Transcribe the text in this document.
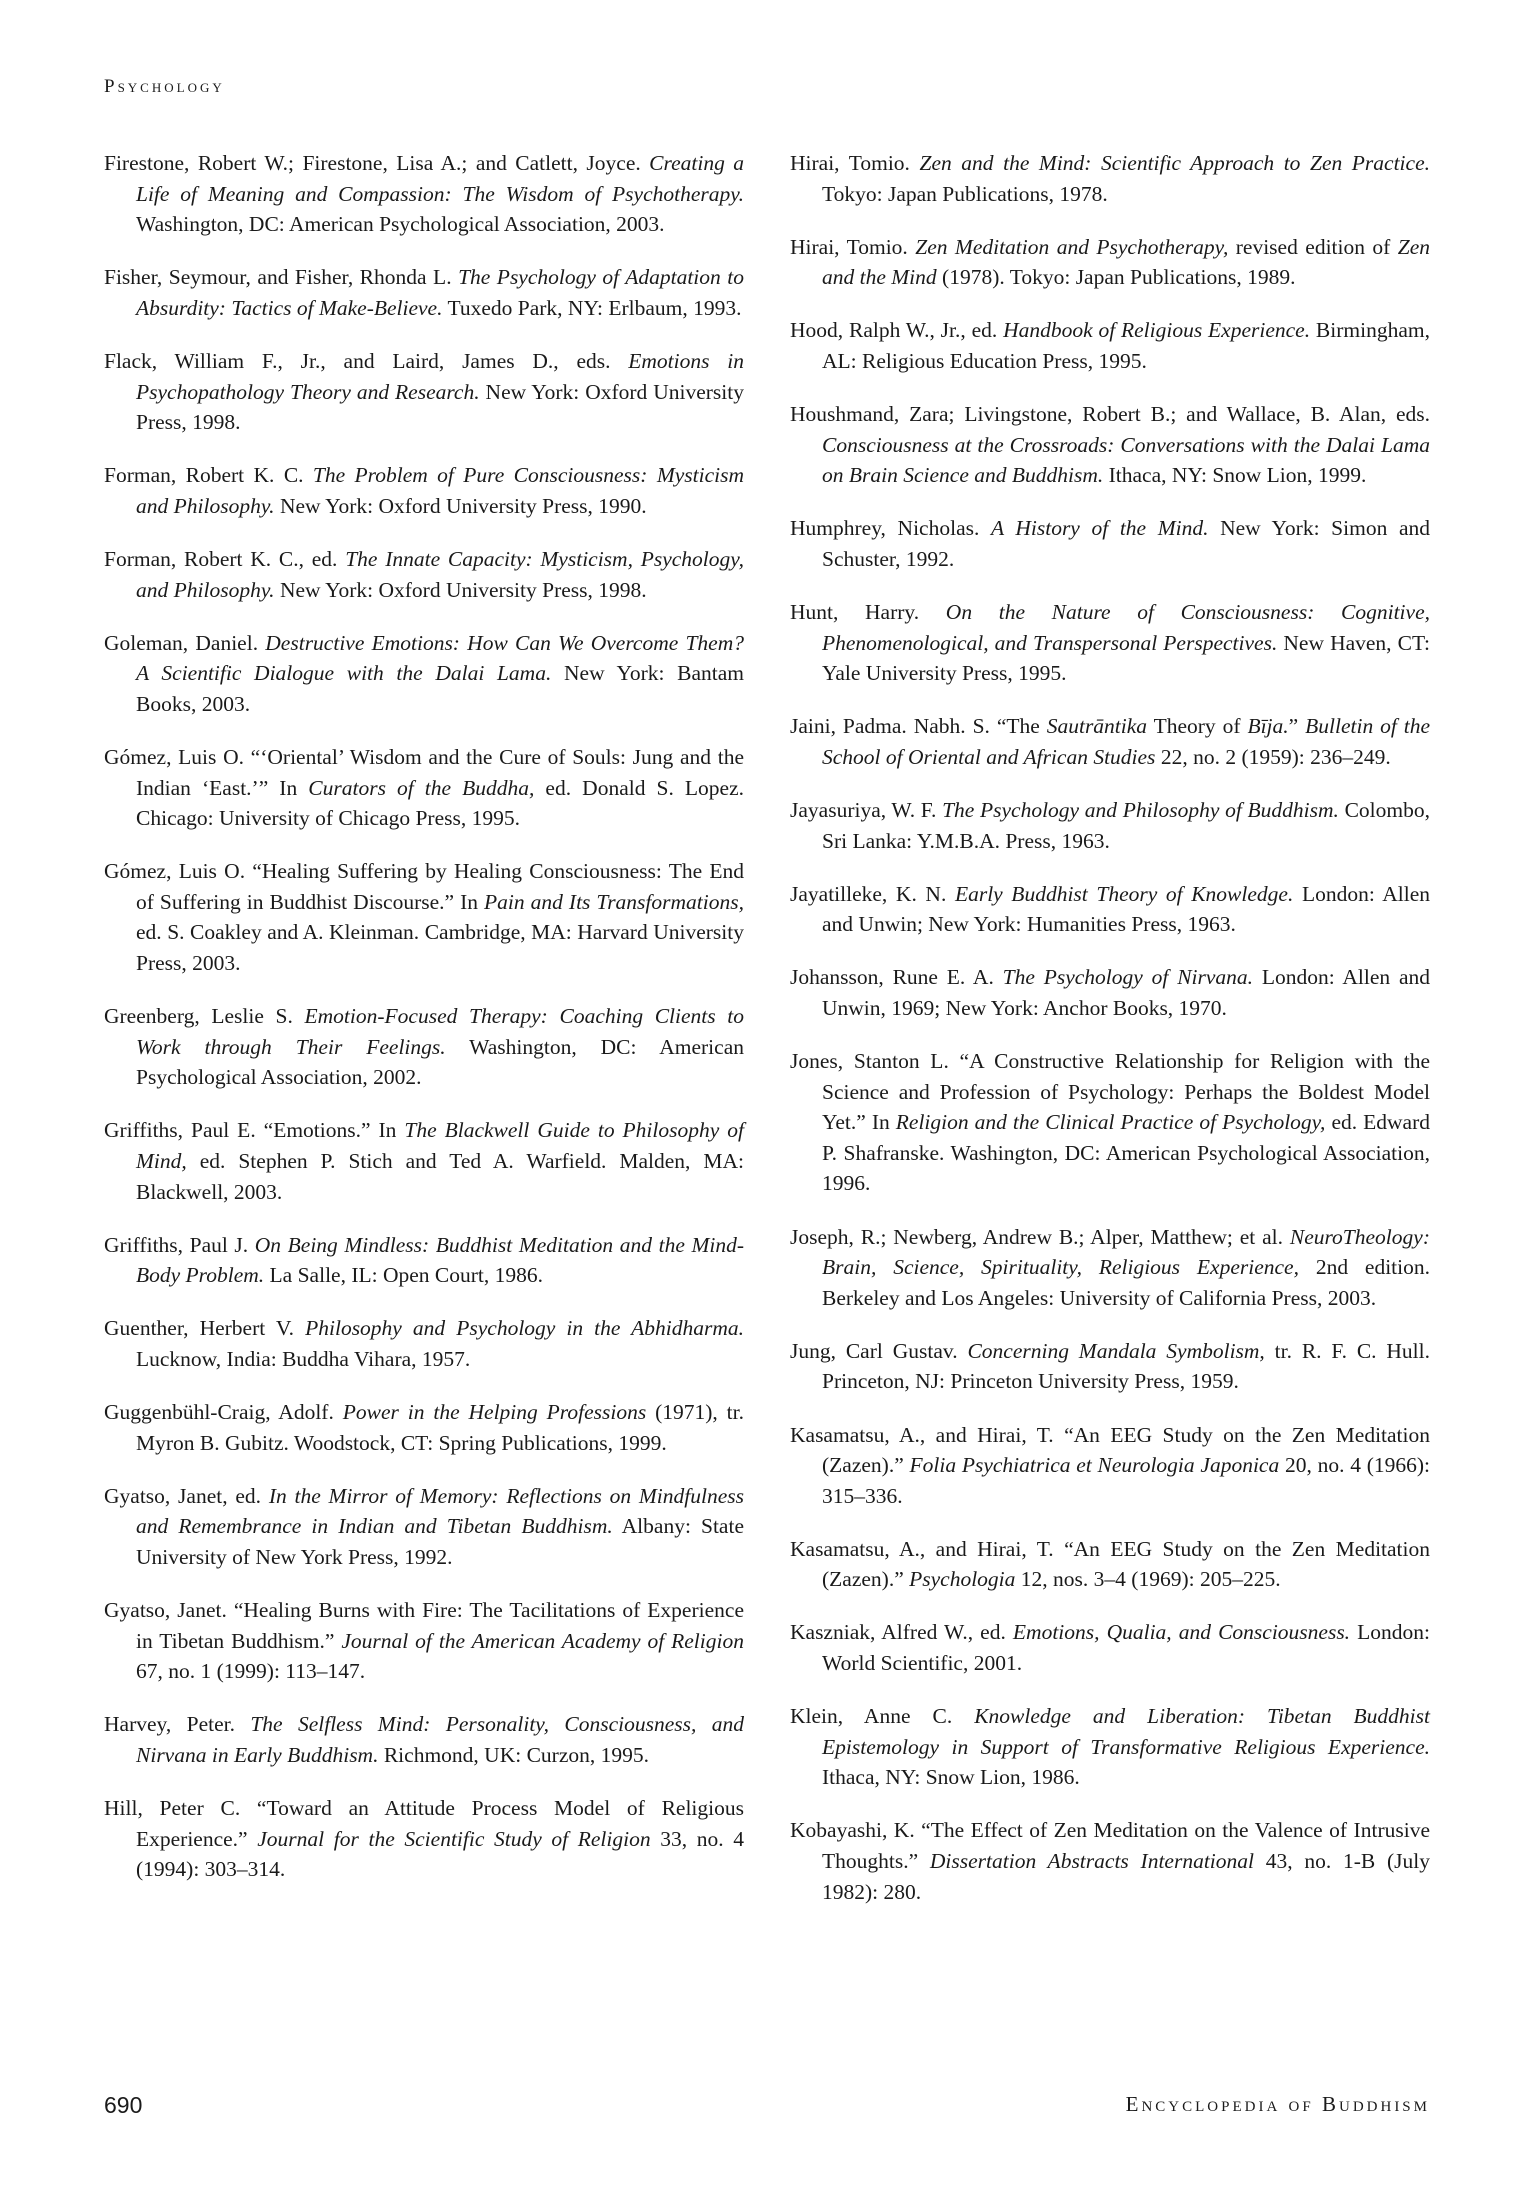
Psychology

Firestone, Robert W.; Firestone, Lisa A.; and Catlett, Joyce. Creating a Life of Meaning and Compassion: The Wisdom of Psychotherapy. Washington, DC: American Psychological Association, 2003.

Fisher, Seymour, and Fisher, Rhonda L. The Psychology of Adaptation to Absurdity: Tactics of Make-Believe. Tuxedo Park, NY: Erlbaum, 1993.

Flack, William F., Jr., and Laird, James D., eds. Emotions in Psychopathology Theory and Research. New York: Oxford University Press, 1998.

Forman, Robert K. C. The Problem of Pure Consciousness: Mysticism and Philosophy. New York: Oxford University Press, 1990.

Forman, Robert K. C., ed. The Innate Capacity: Mysticism, Psychology, and Philosophy. New York: Oxford University Press, 1998.

Goleman, Daniel. Destructive Emotions: How Can We Overcome Them? A Scientific Dialogue with the Dalai Lama. New York: Bantam Books, 2003.

Gómez, Luis O. “‘Oriental’ Wisdom and the Cure of Souls: Jung and the Indian ‘East.’” In Curators of the Buddha, ed. Donald S. Lopez. Chicago: University of Chicago Press, 1995.

Gómez, Luis O. “Healing Suffering by Healing Consciousness: The End of Suffering in Buddhist Discourse.” In Pain and Its Transformations, ed. S. Coakley and A. Kleinman. Cambridge, MA: Harvard University Press, 2003.

Greenberg, Leslie S. Emotion-Focused Therapy: Coaching Clients to Work through Their Feelings. Washington, DC: American Psychological Association, 2002.

Griffiths, Paul E. “Emotions.” In The Blackwell Guide to Philosophy of Mind, ed. Stephen P. Stich and Ted A. Warfield. Malden, MA: Blackwell, 2003.

Griffiths, Paul J. On Being Mindless: Buddhist Meditation and the Mind-Body Problem. La Salle, IL: Open Court, 1986.

Guenther, Herbert V. Philosophy and Psychology in the Abhidharma. Lucknow, India: Buddha Vihara, 1957.

Guggenbühl-Craig, Adolf. Power in the Helping Professions (1971), tr. Myron B. Gubitz. Woodstock, CT: Spring Publications, 1999.

Gyatso, Janet, ed. In the Mirror of Memory: Reflections on Mindfulness and Remembrance in Indian and Tibetan Buddhism. Albany: State University of New York Press, 1992.

Gyatso, Janet. “Healing Burns with Fire: The Tacilitations of Experience in Tibetan Buddhism.” Journal of the American Academy of Religion 67, no. 1 (1999): 113–147.

Harvey, Peter. The Selfless Mind: Personality, Consciousness, and Nirvana in Early Buddhism. Richmond, UK: Curzon, 1995.

Hill, Peter C. “Toward an Attitude Process Model of Religious Experience.” Journal for the Scientific Study of Religion 33, no. 4 (1994): 303–314.

Hirai, Tomio. Zen and the Mind: Scientific Approach to Zen Practice. Tokyo: Japan Publications, 1978.

Hirai, Tomio. Zen Meditation and Psychotherapy, revised edition of Zen and the Mind (1978). Tokyo: Japan Publications, 1989.

Hood, Ralph W., Jr., ed. Handbook of Religious Experience. Birmingham, AL: Religious Education Press, 1995.

Houshmand, Zara; Livingstone, Robert B.; and Wallace, B. Alan, eds. Consciousness at the Crossroads: Conversations with the Dalai Lama on Brain Science and Buddhism. Ithaca, NY: Snow Lion, 1999.

Humphrey, Nicholas. A History of the Mind. New York: Simon and Schuster, 1992.

Hunt, Harry. On the Nature of Consciousness: Cognitive, Phenomenological, and Transpersonal Perspectives. New Haven, CT: Yale University Press, 1995.

Jaini, Padma. Nabh. S. “The Sautrāntika Theory of Bīja.” Bulletin of the School of Oriental and African Studies 22, no. 2 (1959): 236–249.

Jayasuriya, W. F. The Psychology and Philosophy of Buddhism. Colombo, Sri Lanka: Y.M.B.A. Press, 1963.

Jayatilleke, K. N. Early Buddhist Theory of Knowledge. London: Allen and Unwin; New York: Humanities Press, 1963.

Johansson, Rune E. A. The Psychology of Nirvana. London: Allen and Unwin, 1969; New York: Anchor Books, 1970.

Jones, Stanton L. “A Constructive Relationship for Religion with the Science and Profession of Psychology: Perhaps the Boldest Model Yet.” In Religion and the Clinical Practice of Psychology, ed. Edward P. Shafranske. Washington, DC: American Psychological Association, 1996.

Joseph, R.; Newberg, Andrew B.; Alper, Matthew; et al. NeuroTheology: Brain, Science, Spirituality, Religious Experience, 2nd edition. Berkeley and Los Angeles: University of California Press, 2003.

Jung, Carl Gustav. Concerning Mandala Symbolism, tr. R. F. C. Hull. Princeton, NJ: Princeton University Press, 1959.

Kasamatsu, A., and Hirai, T. “An EEG Study on the Zen Meditation (Zazen).” Folia Psychiatrica et Neurologia Japonica 20, no. 4 (1966): 315–336.

Kasamatsu, A., and Hirai, T. “An EEG Study on the Zen Meditation (Zazen).” Psychologia 12, nos. 3–4 (1969): 205–225.

Kaszniak, Alfred W., ed. Emotions, Qualia, and Consciousness. London: World Scientific, 2001.

Klein, Anne C. Knowledge and Liberation: Tibetan Buddhist Epistemology in Support of Transformative Religious Experience. Ithaca, NY: Snow Lion, 1986.

Kobayashi, K. “The Effect of Zen Meditation on the Valence of Intrusive Thoughts.” Dissertation Abstracts International 43, no. 1-B (July 1982): 280.

690	Encyclopedia of Buddhism
